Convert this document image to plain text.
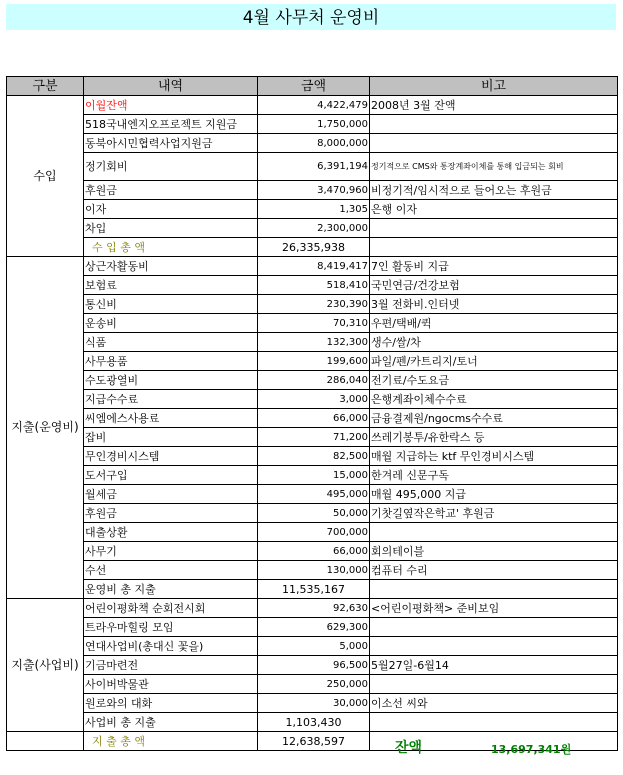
4월 사무처 운영비
구분	내역	금액	비고
수입	이월잔액	4,422,479	2008년 3월 잔액
	518국내엔지오프로젝트 지원금	1,750,000	
	동북아시민협력사업지원금	8,000,000	
	정기회비	6,391,194	정기적으로 CMS와 통장계좌이체를 통해 입금되는 회비
	후원금	3,470,960	비정기적/임시적으로 들어오는 후원금
	이자	1,305	은행 이자
	차입	2,300,000	
	수 입 총 액	26,335,938	
지출(운영비)	상근자활동비	8,419,417	7인 활동비 지급
	보험료	518,410	국민연금/건강보험
	통신비	230,390	3월 전화비.인터넷
	운송비	70,310	우편/택배/퀵
	식품	132,300	생수/쌀/차
	사무용품	199,600	파일/펜/카트리지/토너
	수도광열비	286,040	전기료/수도요금
	지급수수료	3,000	은행계좌이체수수료
	씨엠에스사용료	66,000	금융결제원/ngocms수수료
	잡비	71,200	쓰레기봉투/유한락스 등
	무인경비시스템	82,500	매월 지급하는 ktf 무인경비시스템
	도서구입	15,000	한겨레 신문구독
	월세금	495,000	매월 495,000 지급
	후원금	50,000	기찻길옆작은학교' 후원금
	대출상환	700,000	
	사무기	66,000	회의테이블
	수선	130,000	컴퓨터 수리
	운영비 총 지출	11,535,167	
지출(사업비)	어린이평화책 순회전시회	92,630	<어린이평화책> 준비보임
	트라우마힐링 모임	629,300	
	연대사업비(총대신 꽃을)	5,000	
	기금마련전	96,500	5월27일-6월14
	사이버박물관	250,000	
	원로와의 대화	30,000	이소선 씨와
	사업비 총 지출	1,103,430	
	지 출 총 액	12,638,597		잔액	13,697,341원
